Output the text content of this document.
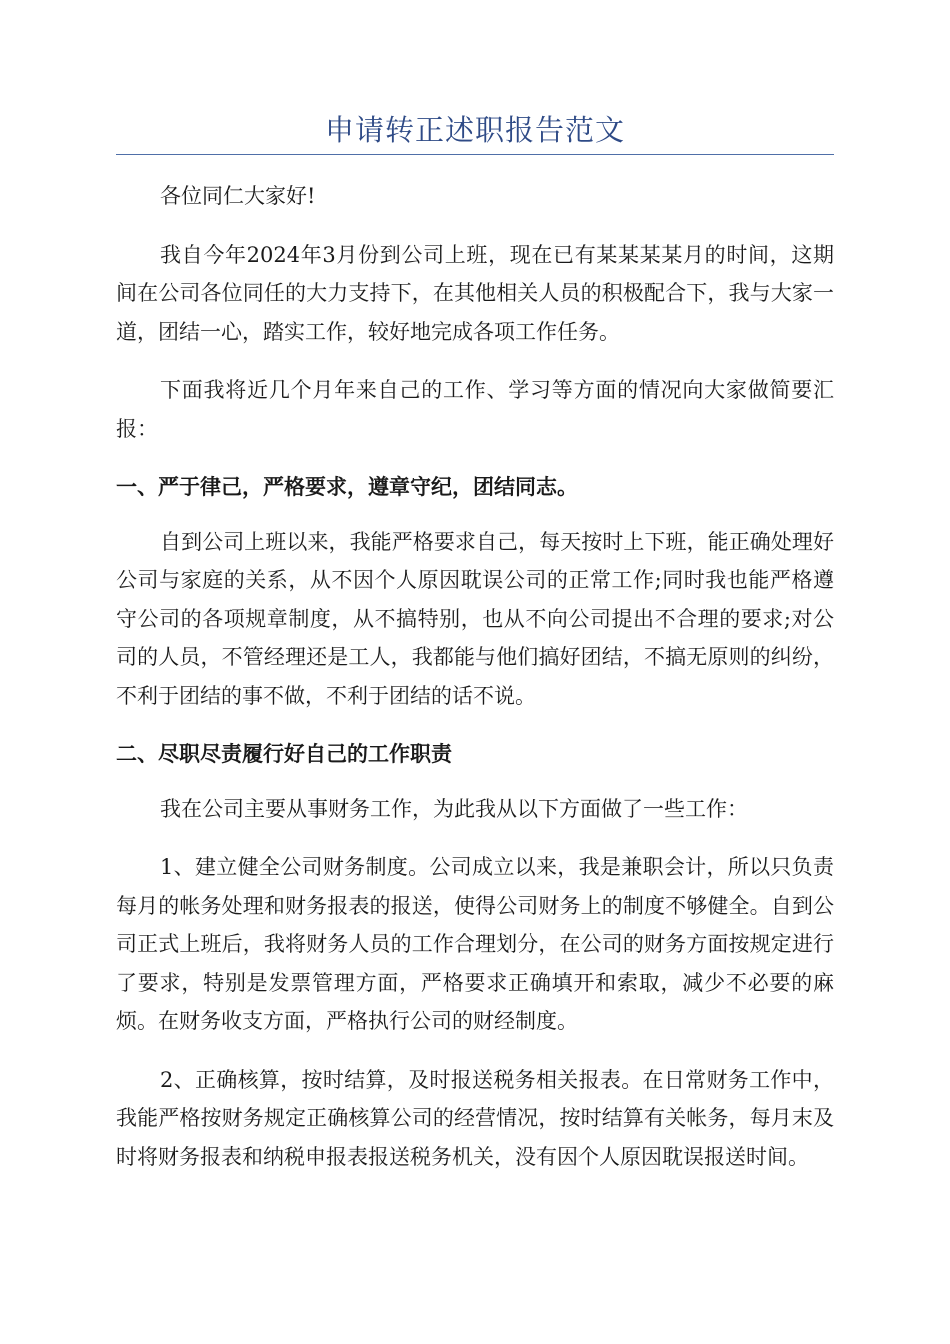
申请转正述职报告范文

各位同仁大家好!

我自今年2024年3月份到公司上班，现在已有某某某某月的时间，这期间在公司各位同任的大力支持下，在其他相关人员的积极配合下，我与大家一道，团结一心，踏实工作，较好地完成各项工作任务。

下面我将近几个月年来自己的工作、学习等方面的情况向大家做简要汇报：

一、严于律己，严格要求，遵章守纪，团结同志。

自到公司上班以来，我能严格要求自己，每天按时上下班，能正确处理好公司与家庭的关系，从不因个人原因耽误公司的正常工作;同时我也能严格遵守公司的各项规章制度，从不搞特别，也从不向公司提出不合理的要求;对公司的人员，不管经理还是工人，我都能与他们搞好团结，不搞无原则的纠纷，不利于团结的事不做，不利于团结的话不说。

二、尽职尽责履行好自己的工作职责

我在公司主要从事财务工作，为此我从以下方面做了一些工作：

1、建立健全公司财务制度。公司成立以来，我是兼职会计，所以只负责每月的帐务处理和财务报表的报送，使得公司财务上的制度不够健全。自到公司正式上班后，我将财务人员的工作合理划分，在公司的财务方面按规定进行了要求，特别是发票管理方面，严格要求正确填开和索取，减少不必要的麻烦。在财务收支方面，严格执行公司的财经制度。

2、正确核算，按时结算，及时报送税务相关报表。在日常财务工作中，我能严格按财务规定正确核算公司的经营情况，按时结算有关帐务，每月末及时将财务报表和纳税申报表报送税务机关，没有因个人原因耽误报送时间。
